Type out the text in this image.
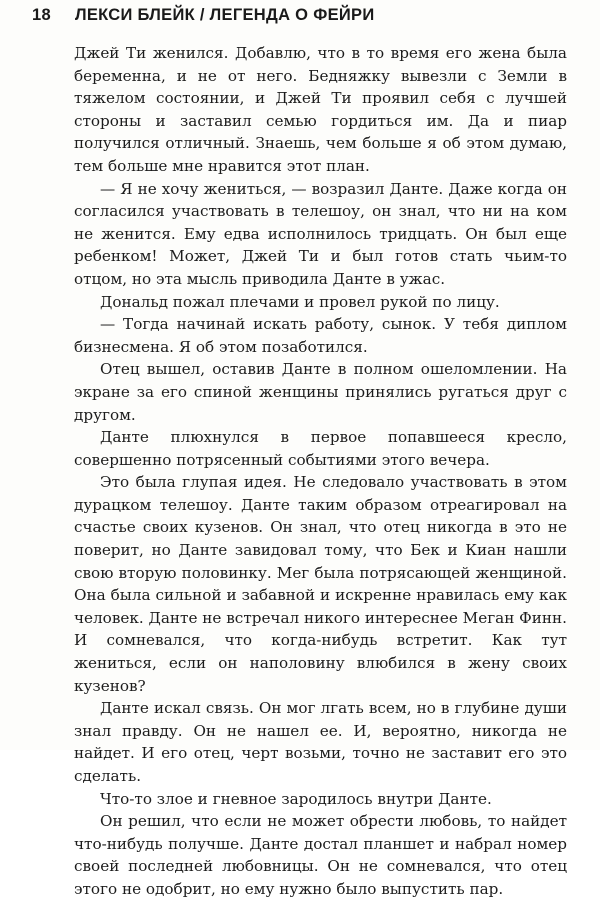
18 ЛЕКСИ БЛЕЙК / ЛЕГЕНДА О ФЕЙРИ

Джей Ти женился. Добавлю, что в то время его жена была беременна, и не от него. Бедняжку вывезли с Земли в тяжелом состоянии, и Джей Ти проявил себя с лучшей стороны и заставил семью гордиться им. Да и пиар получился отличный. Знаешь, чем больше я об этом думаю, тем больше мне нравится этот план.

— Я не хочу жениться, — возразил Данте. Даже когда он согласился участвовать в телешоу, он знал, что ни на ком не женится. Ему едва исполнилось тридцать. Он был еще ребенком! Может, Джей Ти и был готов стать чьим-то отцом, но эта мысль приводила Данте в ужас.

Дональд пожал плечами и провел рукой по лицу.

— Тогда начинай искать работу, сынок. У тебя диплом бизнесмена. Я об этом позаботился.

Отец вышел, оставив Данте в полном ошеломлении. На экране за его спиной женщины принялись ругаться друг с другом.

Данте плюхнулся в первое попавшееся кресло, совершенно потрясенный событиями этого вечера.

Это была глупая идея. Не следовало участвовать в этом дурацком телешоу. Данте таким образом отреагировал на счастье своих кузенов. Он знал, что отец никогда в это не поверит, но Данте завидовал тому, что Бек и Киан нашли свою вторую половинку. Мег была потрясающей женщиной. Она была сильной и забавной и искренне нравилась ему как человек. Данте не встречал никого интереснее Меган Финн. И сомневался, что когда-нибудь встретит. Как тут жениться, если он наполовину влюбился в жену своих кузенов?

Данте искал связь. Он мог лгать всем, но в глубине души знал правду. Он не нашел ее. И, вероятно, никогда не найдет. И его отец, черт возьми, точно не заставит его это сделать.

Что-то злое и гневное зародилось внутри Данте.

Он решил, что если не может обрести любовь, то найдет что-нибудь получше. Данте достал планшет и набрал номер своей последней любовницы. Он не сомневался, что отец этого не одобрит, но ему нужно было выпустить пар.
